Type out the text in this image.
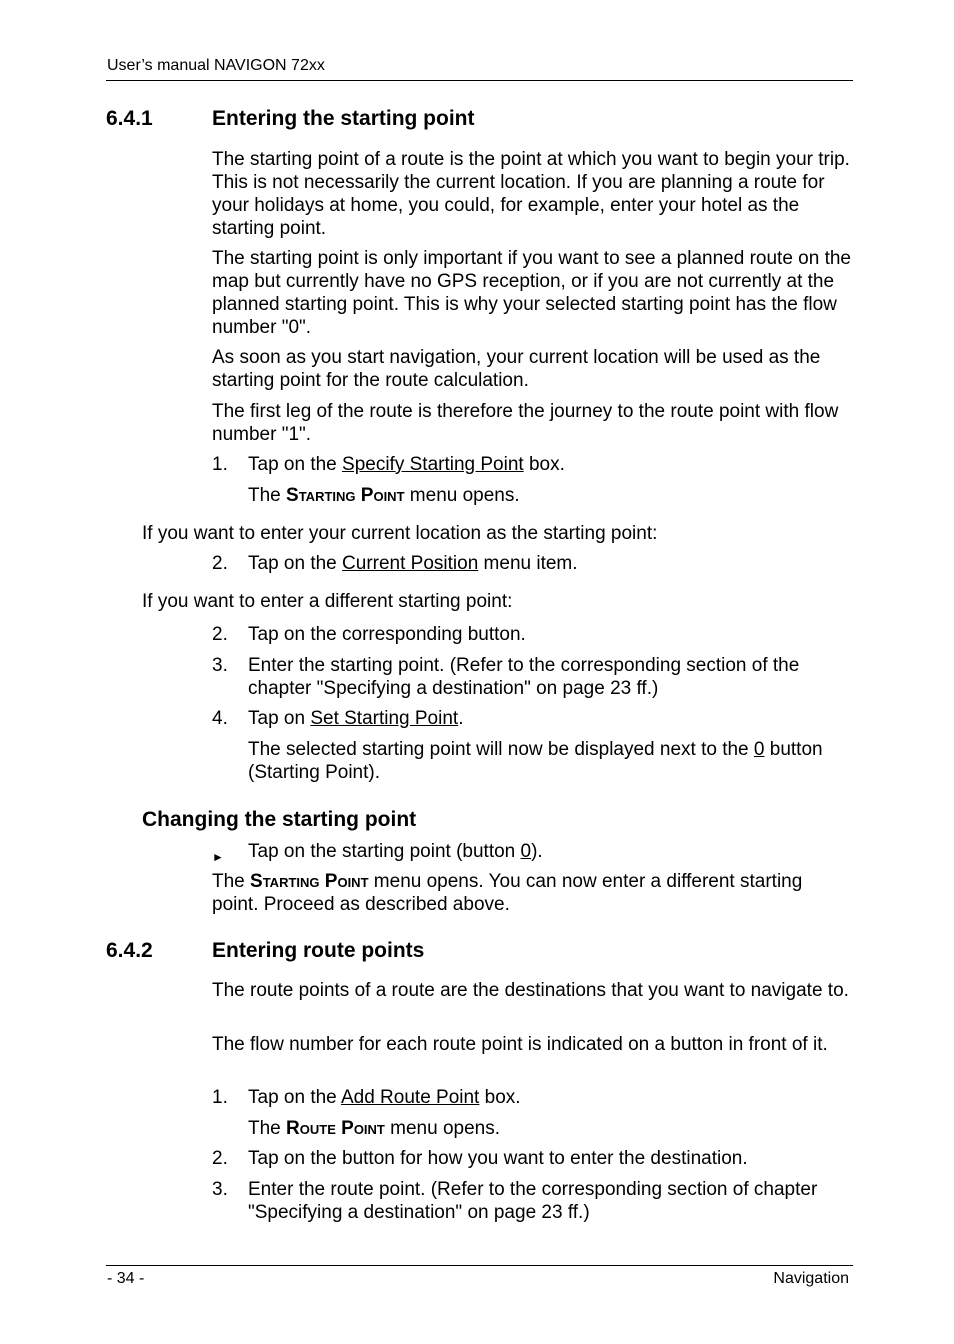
User’s manual NAVIGON 72xx
6.4.1	Entering the starting point

The starting point of a route is the point at which you want to begin your trip. This is not necessarily the current location. If you are planning a route for your holidays at home, you could, for example, enter your hotel as the starting point.

The starting point is only important if you want to see a planned route on the map but currently have no GPS reception, or if you are not currently at the planned starting point. This is why your selected starting point has the flow number "0".

As soon as you start navigation, your current location will be used as the starting point for the route calculation.

The first leg of the route is therefore the journey to the route point with flow number "1".

1. Tap on the Specify Starting Point box.

The Starting Point menu opens.

If you want to enter your current location as the starting point:

2. Tap on the Current Position menu item.

If you want to enter a different starting point:

2. Tap on the corresponding button.
3. Enter the starting point. (Refer to the corresponding section of the chapter "Specifying a destination" on page 23 ff.)
4. Tap on Set Starting Point.

The selected starting point will now be displayed next to the 0 button (Starting Point).

Changing the starting point
► Tap on the starting point (button 0).

The Starting Point menu opens. You can now enter a different starting point. Proceed as described above.

6.4.2	Entering route points

The route points of a route are the destinations that you want to navigate to.

The flow number for each route point is indicated on a button in front of it.

1. Tap on the Add Route Point box.

The Route Point menu opens.

2. Tap on the button for how you want to enter the destination.
3. Enter the route point. (Refer to the corresponding section of chapter "Specifying a destination" on page 23 ff.)
- 34 -	Navigation
